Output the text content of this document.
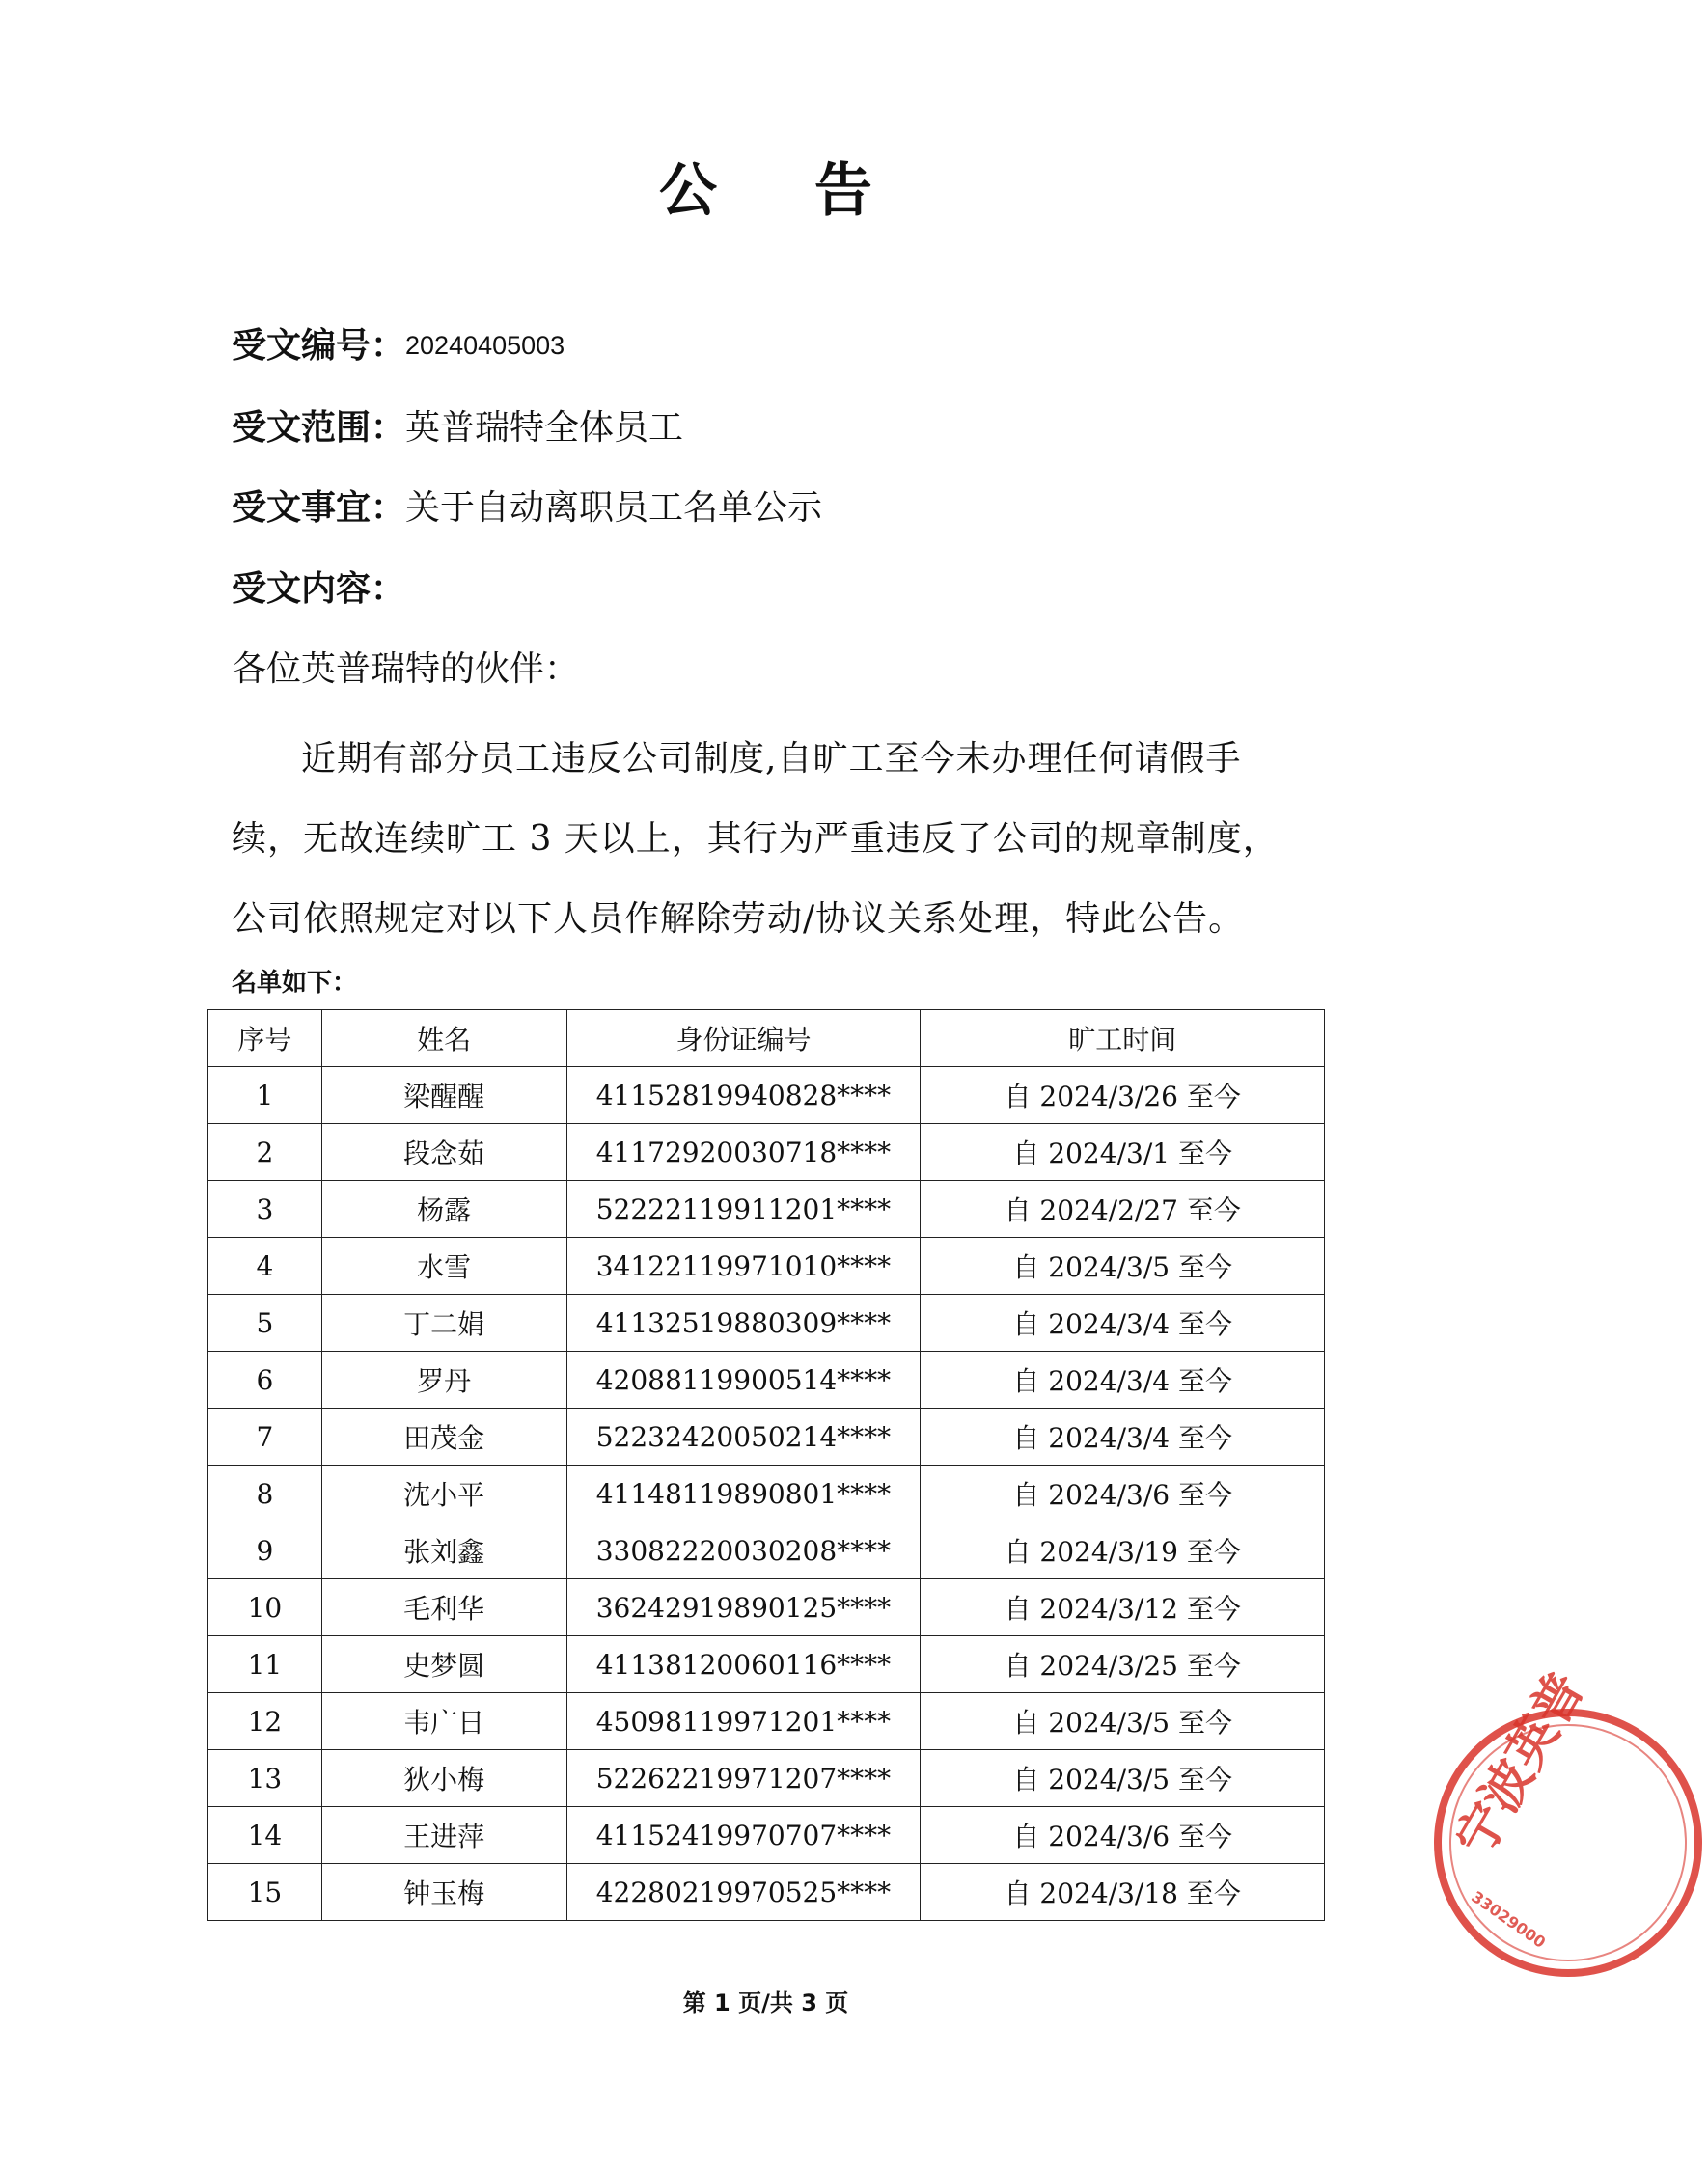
公 告
受文编号：20240405003
受文范围：英普瑞特全体员工
受文事宜：关于自动离职员工名单公示
受文内容：
各位英普瑞特的伙伴：
近期有部分员工违反公司制度,自旷工至今未办理任何请假手续，无故连续旷工 3 天以上，其行为严重违反了公司的规章制度，公司依照规定对以下人员作解除劳动/协议关系处理，特此公告。
名单如下：
序号	姓名	身份证编号	旷工时间
1	梁醒醒	41152819940828****	自 2024/3/26 至今
2	段念茹	41172920030718****	自 2024/3/1 至今
3	杨露	52222119911201****	自 2024/2/27 至今
4	水雪	34122119971010****	自 2024/3/5 至今
5	丁二娟	41132519880309****	自 2024/3/4 至今
6	罗丹	42088119900514****	自 2024/3/4 至今
7	田茂金	52232420050214****	自 2024/3/4 至今
8	沈小平	41148119890801****	自 2024/3/6 至今
9	张刘鑫	33082220030208****	自 2024/3/19 至今
10	毛利华	36242919890125****	自 2024/3/12 至今
11	史梦圆	41138120060116****	自 2024/3/25 至今
12	韦广日	45098119971201****	自 2024/3/5 至今
13	狄小梅	52262219971207****	自 2024/3/5 至今
14	王进萍	41152419970707****	自 2024/3/6 至今
15	钟玉梅	42280219970525****	自 2024/3/18 至今
第 1 页/共 3 页
宁波英普
33029000
